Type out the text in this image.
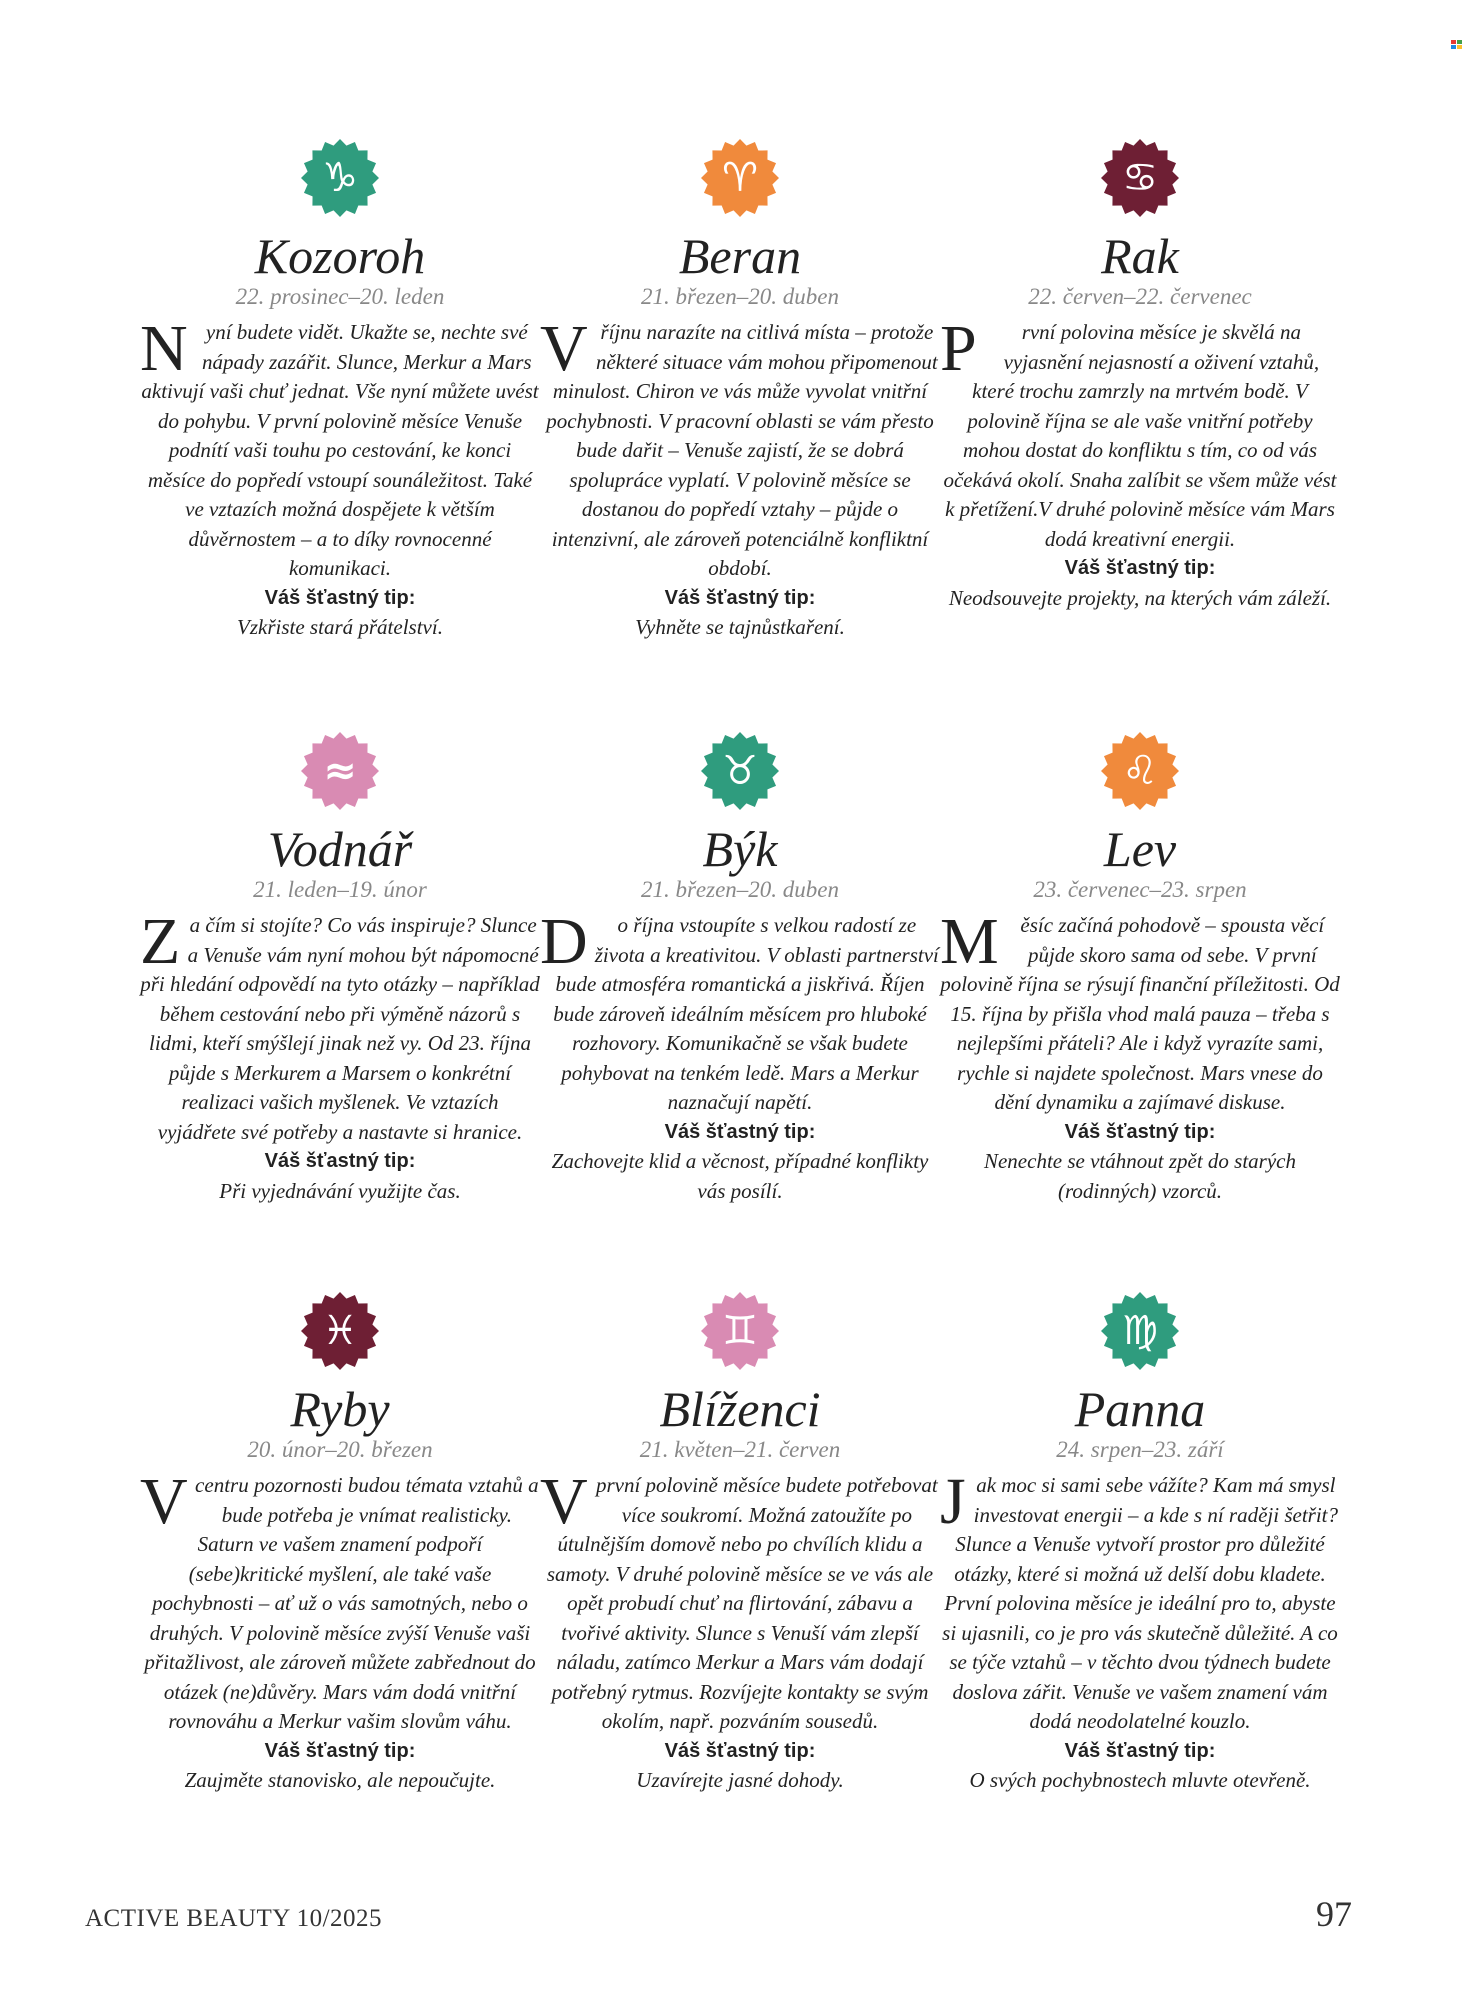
♑
Kozoroh
22. prosinec–20. leden
Nyní budete vidět. Ukažte se, nechte své nápady zazářit. Slunce, Merkur a Mars aktivují vaši chuť jednat. Vše nyní můžete uvést do pohybu. V první polovině měsíce Venuše podnítí vaši touhu po cestování, ke konci měsíce do popředí vstoupí sounáležitost. Také ve vztazích možná dospějete k větším důvěrnostem – a to díky rovnocenné komunikaci.
Váš šťastný tip:
Vzkřiste stará přátelství.
♈
Beran
21. březen–20. duben
Vříjnu narazíte na citlivá místa – protože některé situace vám mohou připomenout minulost. Chiron ve vás může vyvolat vnitřní pochybnosti. V pracovní oblasti se vám přesto bude dařit – Venuše zajistí, že se dobrá spolupráce vyplatí. V polovině měsíce se dostanou do popředí vztahy – půjde o intenzivní, ale zároveň potenciálně konfliktní období.
Váš šťastný tip:
Vyhněte se tajnůstkaření.
♋
Rak
22. červen–22. červenec
P rvní polovina měsíce je skvělá na vyjasnění nejasností a oživení vztahů, které trochu zamrzly na mrtvém bodě. V polovině října se ale vaše vnitřní potřeby mohou dostat do konfliktu s tím, co od vás očekává okolí. Snaha zalíbit se všem může vést k přetížení.V druhé polovině měsíce vám Mars dodá kreativní energii.
Váš šťastný tip:
Neodsouvejte projekty, na kterých vám záleží.
≈
Vodnář
21. leden–19. únor
Za čím si stojíte? Co vás inspiruje? Slunce a Venuše vám nyní mohou být nápomocné při hledání odpovědí na tyto otázky – například během cestování nebo při výměně názorů s lidmi, kteří smýšlejí jinak než vy. Od 23. října půjde s Merkurem a Marsem o konkrétní realizaci vašich myšlenek. Ve vztazích vyjádřete své potřeby a nastavte si hranice.
Váš šťastný tip:
Při vyjednávání využijte čas.
♉
Býk
21. březen–20. duben
D o října vstoupíte s velkou radostí ze života a kreativitou. V oblasti partnerství bude atmosféra romantická a jiskřivá. Říjen bude zároveň ideálním měsícem pro hluboké rozhovory. Komunikačně se však budete pohybovat na tenkém ledě. Mars a Merkur naznačují napětí.
Váš šťastný tip:
Zachovejte klid a věcnost, případné konflikty vás posílí.
♌
Lev
23. červenec–23. srpen
M ěsíc začíná pohodově – spousta věcí půjde skoro sama od sebe. V první polovině října se rýsují finanční příležitosti. Od 15. října by přišla vhod malá pauza – třeba s nejlepšími přáteli? Ale i když vyrazíte sami, rychle si najdete společnost. Mars vnese do dění dynamiku a zajímavé diskuse.
Váš šťastný tip:
Nenechte se vtáhnout zpět do starých (rodinných) vzorců.
♓
Ryby
20. únor–20. březen
Vcentru pozornosti budou témata vztahů a bude potřeba je vnímat realisticky. Saturn ve vašem znamení podpoří (sebe)kritické myšlení, ale také vaše pochybnosti – ať už o vás samotných, nebo o druhých. V polovině měsíce zvýší Venuše vaši přitažlivost, ale zároveň můžete zabřednout do otázek (ne)důvěry. Mars vám dodá vnitřní rovnováhu a Merkur vašim slovům váhu.
Váš šťastný tip:
Zaujměte stanovisko, ale nepoučujte.
♊
Blíženci
21. květen–21. červen
Vprvní polovině měsíce budete potřebovat více soukromí. Možná zatoužíte po útulnějším domově nebo po chvílích klidu a samoty. V druhé polovině měsíce se ve vás ale opět probudí chuť na flirtování, zábavu a tvořivé aktivity. Slunce s Venuší vám zlepší náladu, zatímco Merkur a Mars vám dodají potřebný rytmus. Rozvíjejte kontakty se svým okolím, např. pozváním sousedů.
Váš šťastný tip:
Uzavírejte jasné dohody.
♍
Panna
24. srpen–23. září
Jak moc si sami sebe vážíte? Kam má smysl investovat energii – a kde s ní raději šetřit? Slunce a Venuše vytvoří prostor pro důležité otázky, které si možná už delší dobu kladete. První polovina měsíce je ideální pro to, abyste si ujasnili, co je pro vás skutečně důležité. A co se týče vztahů – v těchto dvou týdnech budete doslova zářit. Venuše ve vašem znamení vám dodá neodolatelné kouzlo.
Váš šťastný tip:
O svých pochybnostech mluvte otevřeně.
ACTIVE BEAUTY 10/2025	97
